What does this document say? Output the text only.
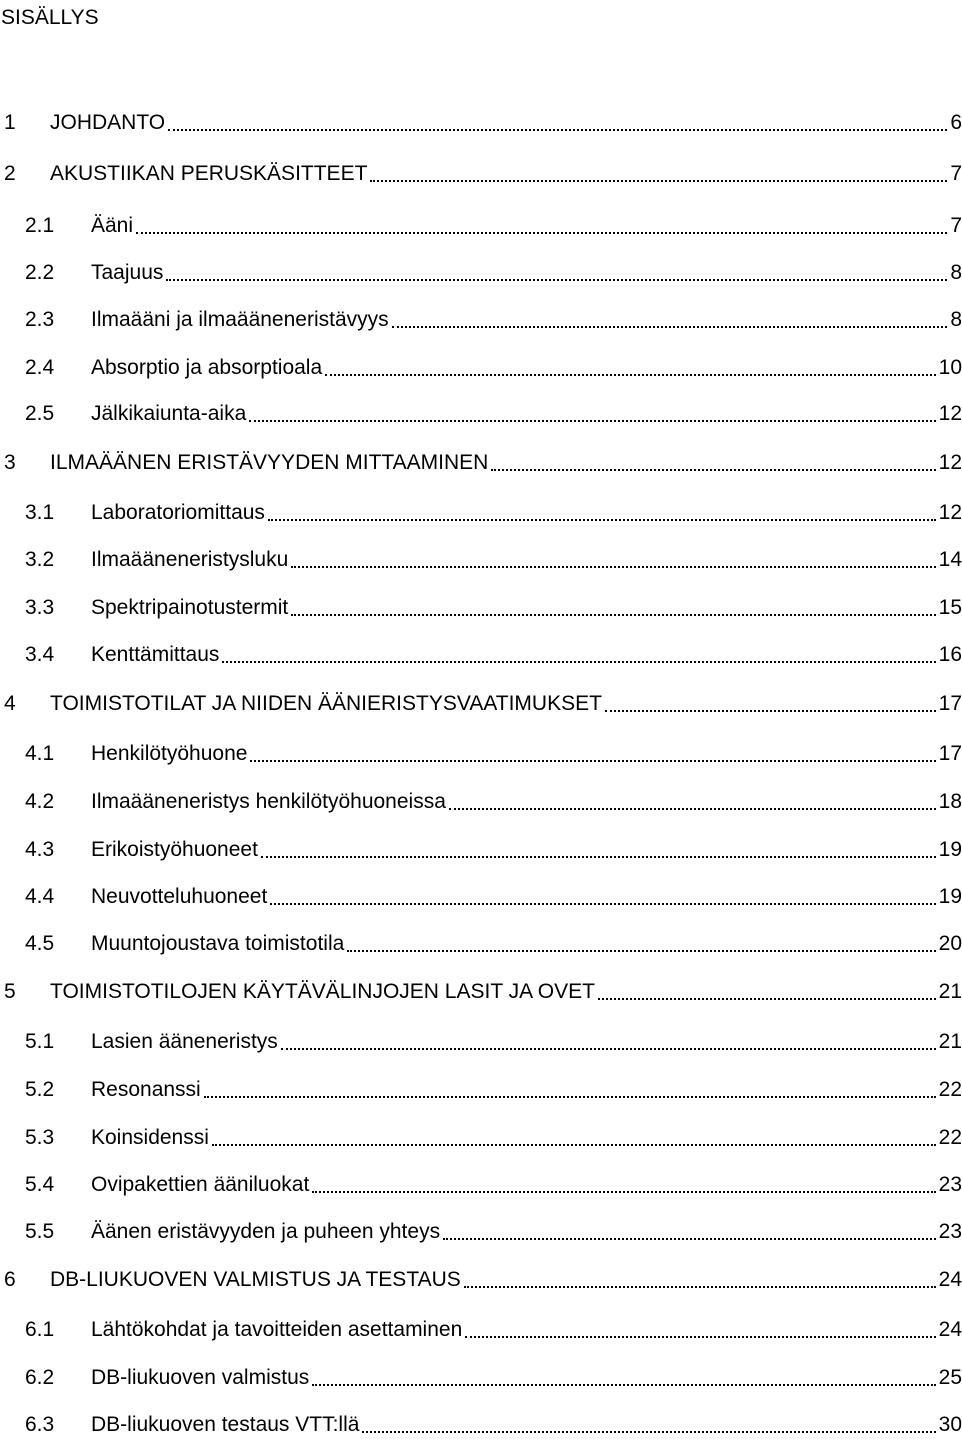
SISÄLLYS
1 JOHDANTO	6
2 AKUSTIIKAN PERUSKÄSITTEET	7
2.1 Ääni	7
2.2 Taajuus	8
2.3 Ilmaääni ja ilmaääneneristävyys	8
2.4 Absorptio ja absorptioala	10
2.5 Jälkikaiunta-aika	12
3 ILMAÄÄNEN ERISTÄVYYDEN MITTAAMINEN	12
3.1 Laboratoriomittaus	12
3.2 Ilmaääneneristysluku	14
3.3 Spektripainotustermit	15
3.4 Kenttämittaus	16
4 TOIMISTOTILAT JA NIIDEN ÄÄNIERISTYSVAATIMUKSET	17
4.1 Henkilötyöhuone	17
4.2 Ilmaääneneristys henkilötyöhuoneissa	18
4.3 Erikoistyöhuoneet	19
4.4 Neuvotteluhuoneet	19
4.5 Muuntojoustava toimistotila	20
5 TOIMISTOTILOJEN KÄYTÄVÄLINJOJEN LASIT JA OVET	21
5.1 Lasien ääneneristys	21
5.2 Resonanssi	22
5.3 Koinsidenssi	22
5.4 Ovipakettien ääniluokat	23
5.5 Äänen eristävyyden ja puheen yhteys	23
6 DB-LIUKUOVEN VALMISTUS JA TESTAUS	24
6.1 Lähtökohdat ja tavoitteiden asettaminen	24
6.2 DB-liukuoven valmistus	25
6.3 DB-liukuoven testaus VTT:llä	30
